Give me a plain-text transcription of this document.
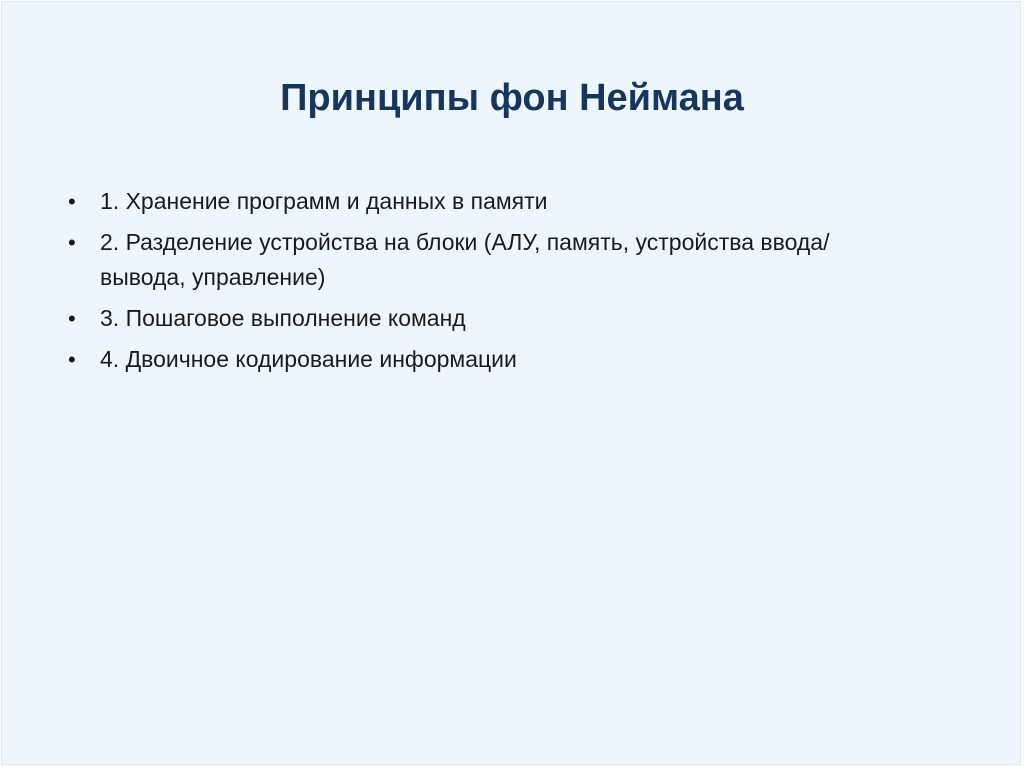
Принципы фон Неймана
•	1. Хранение программ и данных в памяти
•	2. Разделение устройства на блоки (АЛУ, память, устройства ввода/вывода, управление)
•	3. Пошаговое выполнение команд
•	4. Двоичное кодирование информации
